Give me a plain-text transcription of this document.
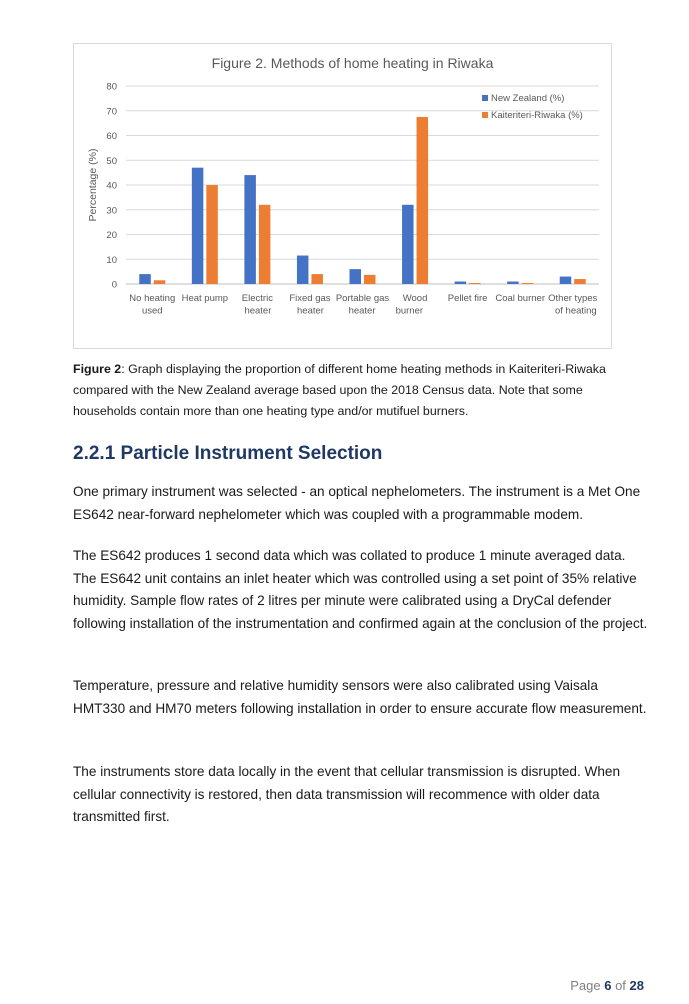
Figure 2. Methods of home heating in Riwaka
0
10
20
30
40
50
60
70
80
Percentage (%)
No heating
used
Heat pump Electric
heater
Fixed gas
heater
Portable gas
heater
Wood
burner
Pellet fire Coal burner Other types
of heating
New Zealand (%)
Kaiteriteri-Riwaka (%)

Figure 2: Graph displaying the proportion of different home heating methods in Kaiteriteri-Riwaka compared with the New Zealand average based upon the 2018 Census data. Note that some households contain more than one heating type and/or mutifuel burners.

2.2.1 Particle Instrument Selection

One primary instrument was selected - an optical nephelometers. The instrument is a Met One ES642 near-forward nephelometer which was coupled with a programmable modem.

The ES642 produces 1 second data which was collated to produce 1 minute averaged data. The ES642 unit contains an inlet heater which was controlled using a set point of 35% relative humidity. Sample flow rates of 2 litres per minute were calibrated using a DryCal defender following installation of the instrumentation and confirmed again at the conclusion of the project.

Temperature, pressure and relative humidity sensors were also calibrated using Vaisala HMT330 and HM70 meters following installation in order to ensure accurate flow measurement.

The instruments store data locally in the event that cellular transmission is disrupted. When cellular connectivity is restored, then data transmission will recommence with older data transmitted first.

Page 6 of 28
